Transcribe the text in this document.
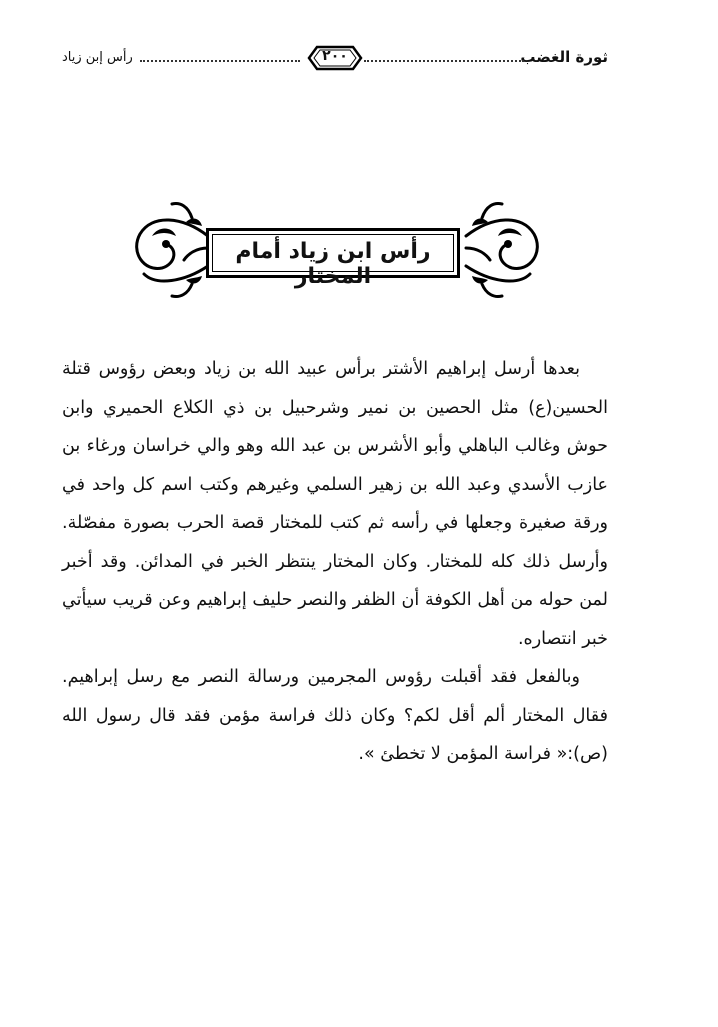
ثورة الغضب
٢٠٠
رأس إبن زياد
رأس ابن زياد أمام المختار

بعدها أرسل إبراهيم الأشتر برأس عبيد الله بن زياد وبعض رؤوس قتلة الحسين(ع) مثل الحصين بن نمير وشرحبيل بن ذي الكلاع الحميري وابن حوش وغالب الباهلي وأبو الأشرس بن عبد الله وهو والي خراسان ورغاء بن عازب الأسدي وعبد الله بن زهير السلمي وغيرهم وكتب اسم كل واحد في ورقة صغيرة وجعلها في رأسه ثم كتب للمختار قصة الحرب بصورة مفصّلة. وأرسل ذلك كله للمختار. وكان المختار ينتظر الخبر في المدائن. وقد أخبر لمن حوله من أهل الكوفة أن الظفر والنصر حليف إبراهيم وعن قريب سيأتي خبر انتصاره.

وبالفعل فقد أقبلت رؤوس المجرمين ورسالة النصر مع رسل إبراهيم. فقال المختار ألم أقل لكم؟ وكان ذلك فراسة مؤمن فقد قال رسول الله (ص):« فراسة المؤمن لا تخطئ ».
